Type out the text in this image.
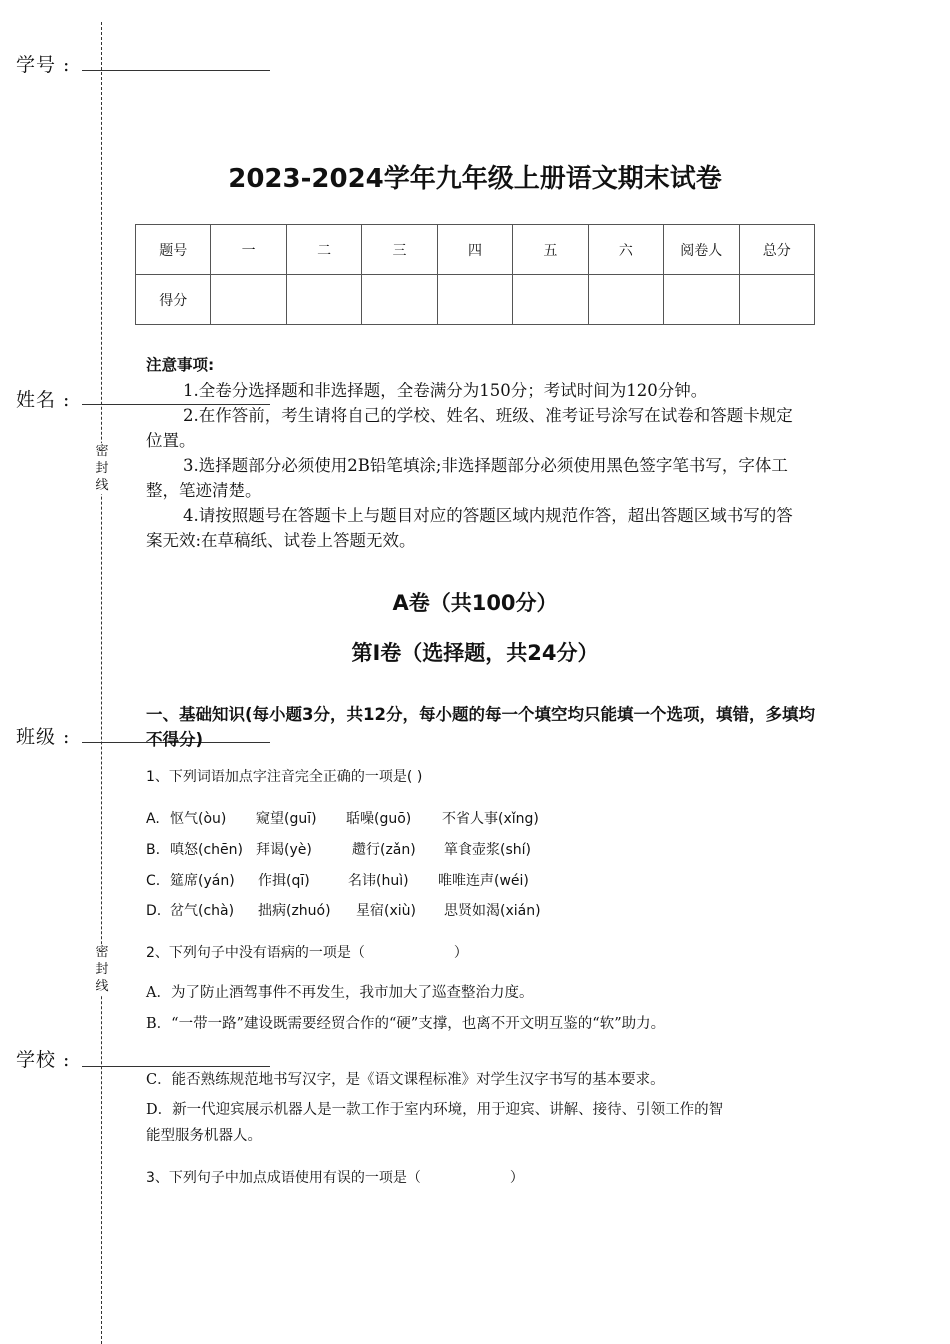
学号 :
姓名 :
班级 :
学校 :
密
封
线
密
封
线
2023-2024学年九年级上册语文期末试卷
题号	一	二	三	四	五	六	阅卷人	总分
得分								
注意事项:
1.全卷分选择题和非选择题，全卷满分为150分；考试时间为120分钟。
2.在作答前，考生请将自己的学校、姓名、班级、准考证号涂写在试卷和答题卡规定位置。
3.选择题部分必须使用2B铅笔填涂;非选择题部分必须使用黑色签字笔书写，字体工整，笔迹清楚。
4.请按照题号在答题卡上与题目对应的答题区域内规范作答，超出答题区域书写的答案无效:在草稿纸、试卷上答题无效。
A卷（共100分）
第Ⅰ卷（选择题，共24分）
一、基础知识(每小题3分，共12分，每小题的每一个填空均只能填一个选项，填错，多填均不得分)
1、下列词语加点字注音完全正确的一项是( )
A. 怄气(òu) 窥望(guī) 聒噪(guō) 不省人事(xǐng)
B. 嗔怒(chēn) 拜谒(yè)	趱行(zǎn) 箪食壶浆(shí)
C. 筵席(yán) 作揖(qī)	名讳(huì) 唯唯连声(wéi)
D. 岔气(chà) 拙病(zhuó) 星宿(xiù) 思贤如渴(xián)
2、下列句子中没有语病的一项是（                    ）
A．为了防止酒驾事件不再发生，我市加大了巡查整治力度。
B．“一带一路”建设既需要经贸合作的“硬”支撑，也离不开文明互鉴的“软”助力。
C．能否熟练规范地书写汉字，是《语文课程标准》对学生汉字书写的基本要求。
D．新一代迎宾展示机器人是一款工作于室内环境，用于迎宾、讲解、接待、引领工作的智能型服务机器人。
3、下列句子中加点成语使用有误的一项是（                    ）
